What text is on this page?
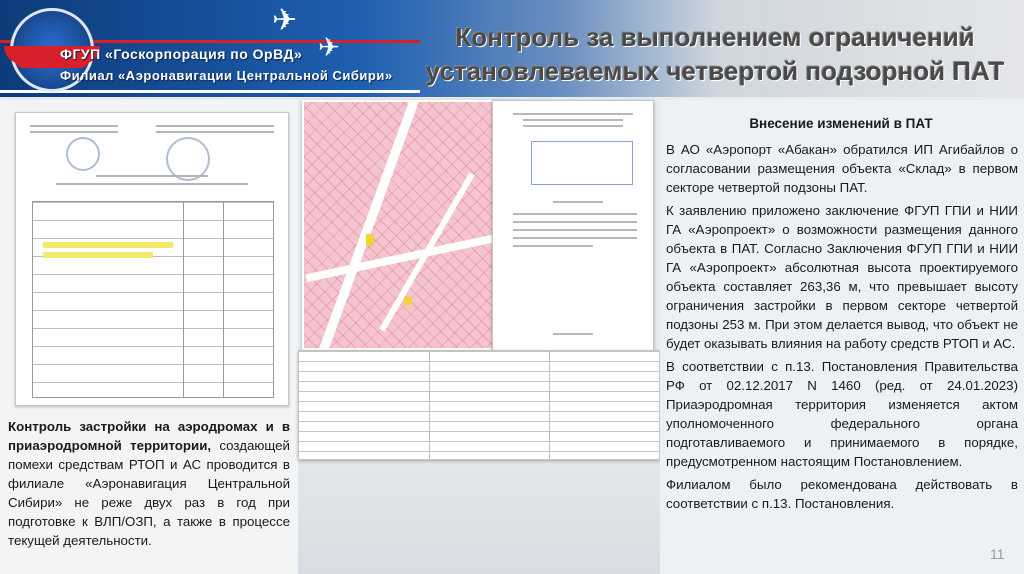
ФГУП «Госкорпорация по ОрВД»
Филиал «Аэронавигации Центральной Сибири»
✈
✈	Контроль за выполнением ограничений
установлеваемых четвертой подзорной ПАТ
Контроль застройки на аэродромах и в приаэродромной территории, создающей помехи средствам РТОП и АС проводится в филиале «Аэронавигация Центральной Сибири» не реже двух раз в год при подготовке к ВЛП/ОЗП, а также в процессе текущей деятельности.
Внесение изменений в ПАТ

В АО «Аэропорт «Абакан» обратился ИП Агибайлов о согласовании размещения объекта «Склад» в первом секторе четвертой подзоны ПАТ.

К заявлению приложено заключение ФГУП ГПИ и НИИ ГА «Аэропроект» о возможности размещения данного объекта в ПАТ. Согласно Заключения ФГУП ГПИ и НИИ ГА «Аэропроект» абсолютная высота проектируемого объекта составляет 263,36 м, что превышает высоту ограничения застройки в первом секторе четвертой подзоны 253 м. При этом делается вывод, что объект не будет оказывать влияния на работу средств РТОП и АС.

В соответствии с п.13. Постановления Правительства РФ от 02.12.2017 N 1460 (ред. от 24.01.2023) Приаэродромная территория изменяется актом уполномоченного федерального органа подготавливаемого и принимаемого в порядке, предусмотренном настоящим Постановлением.

Филиалом было рекомендована действовать в соответствии с п.13. Постановления.

11
